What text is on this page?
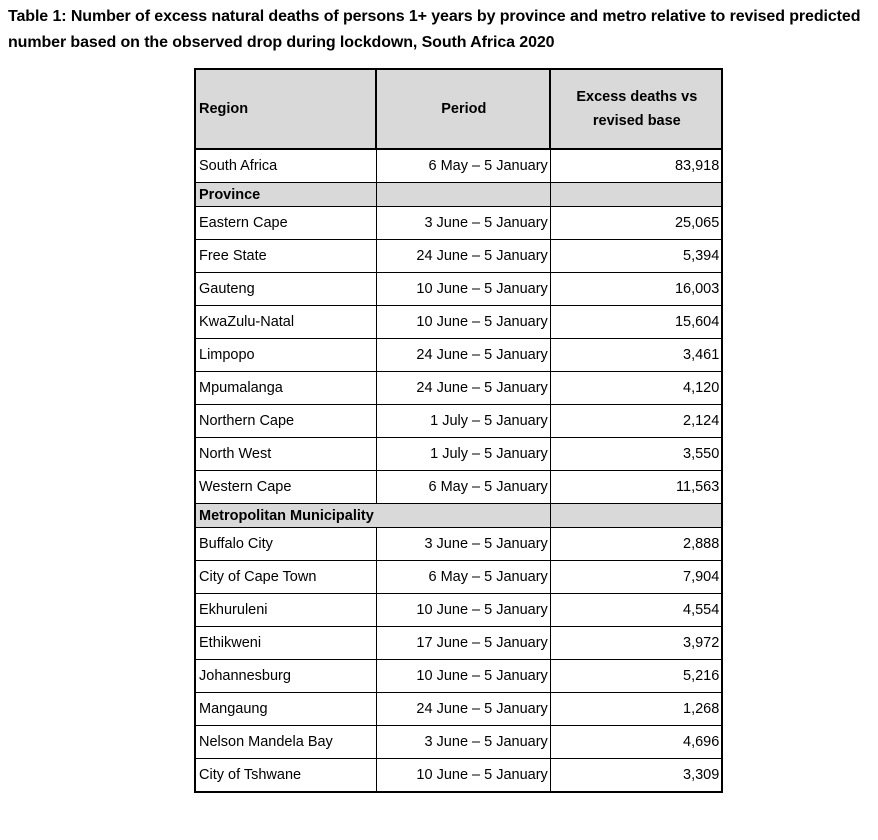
Table 1: Number of excess natural deaths of persons 1+ years by province and metro relative to revised predicted number based on the observed drop during lockdown, South Africa 2020
Region	Period	Excess deaths vs
revised base
South Africa	6 May – 5 January	83,918
Province		
Eastern Cape	3 June – 5 January	25,065
Free State	24 June – 5 January	5,394
Gauteng	10 June – 5 January	16,003
KwaZulu-Natal	10 June – 5 January	15,604
Limpopo	24 June – 5 January	3,461
Mpumalanga	24 June – 5 January	4,120
Northern Cape	1 July – 5 January	2,124
North West	1 July – 5 January	3,550
Western Cape	6 May – 5 January	11,563
Metropolitan Municipality		
Buffalo City	3 June – 5 January	2,888
City of Cape Town	6 May – 5 January	7,904
Ekhuruleni	10 June – 5 January	4,554
Ethikweni	17 June – 5 January	3,972
Johannesburg	10 June – 5 January	5,216
Mangaung	24 June – 5 January	1,268
Nelson Mandela Bay	3 June – 5 January	4,696
City of Tshwane	10 June – 5 January	3,309
